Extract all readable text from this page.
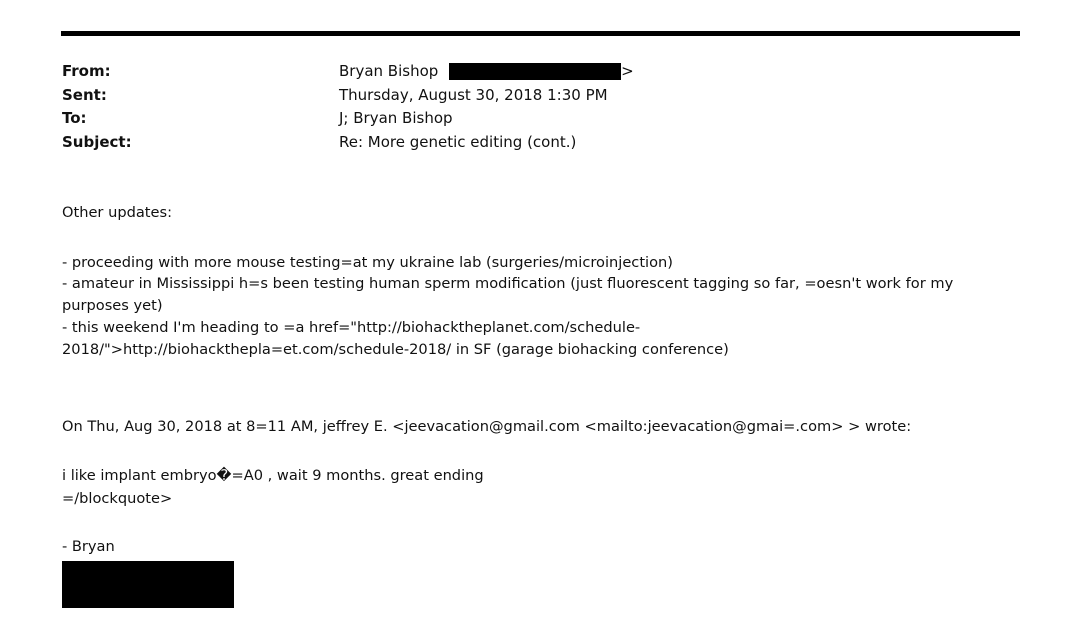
From:	Bryan Bishop	>
Sent:	Thursday, August 30, 2018 1:30 PM
To:	J; Bryan Bishop
Subject:	Re: More genetic editing (cont.)
Other updates:
- proceeding with more mouse testing=at my ukraine lab (surgeries/microinjection)
- amateur in Mississippi h=s been testing human sperm modification (just fluorescent tagging so far, =oesn't work for my
purposes yet)
- this weekend I'm heading to =a href="http://biohacktheplanet.com/schedule-
2018/">http://biohackthepla=et.com/schedule-2018/ in SF (garage biohacking conference)
On Thu, Aug 30, 2018 at 8=11 AM, jeffrey E. <jeevacation@gmail.com <mailto:jeevacation@gmai=.com> > wrote:
i like implant embryo�=A0 , wait 9 months. great ending
=/blockquote>
- Bryan
